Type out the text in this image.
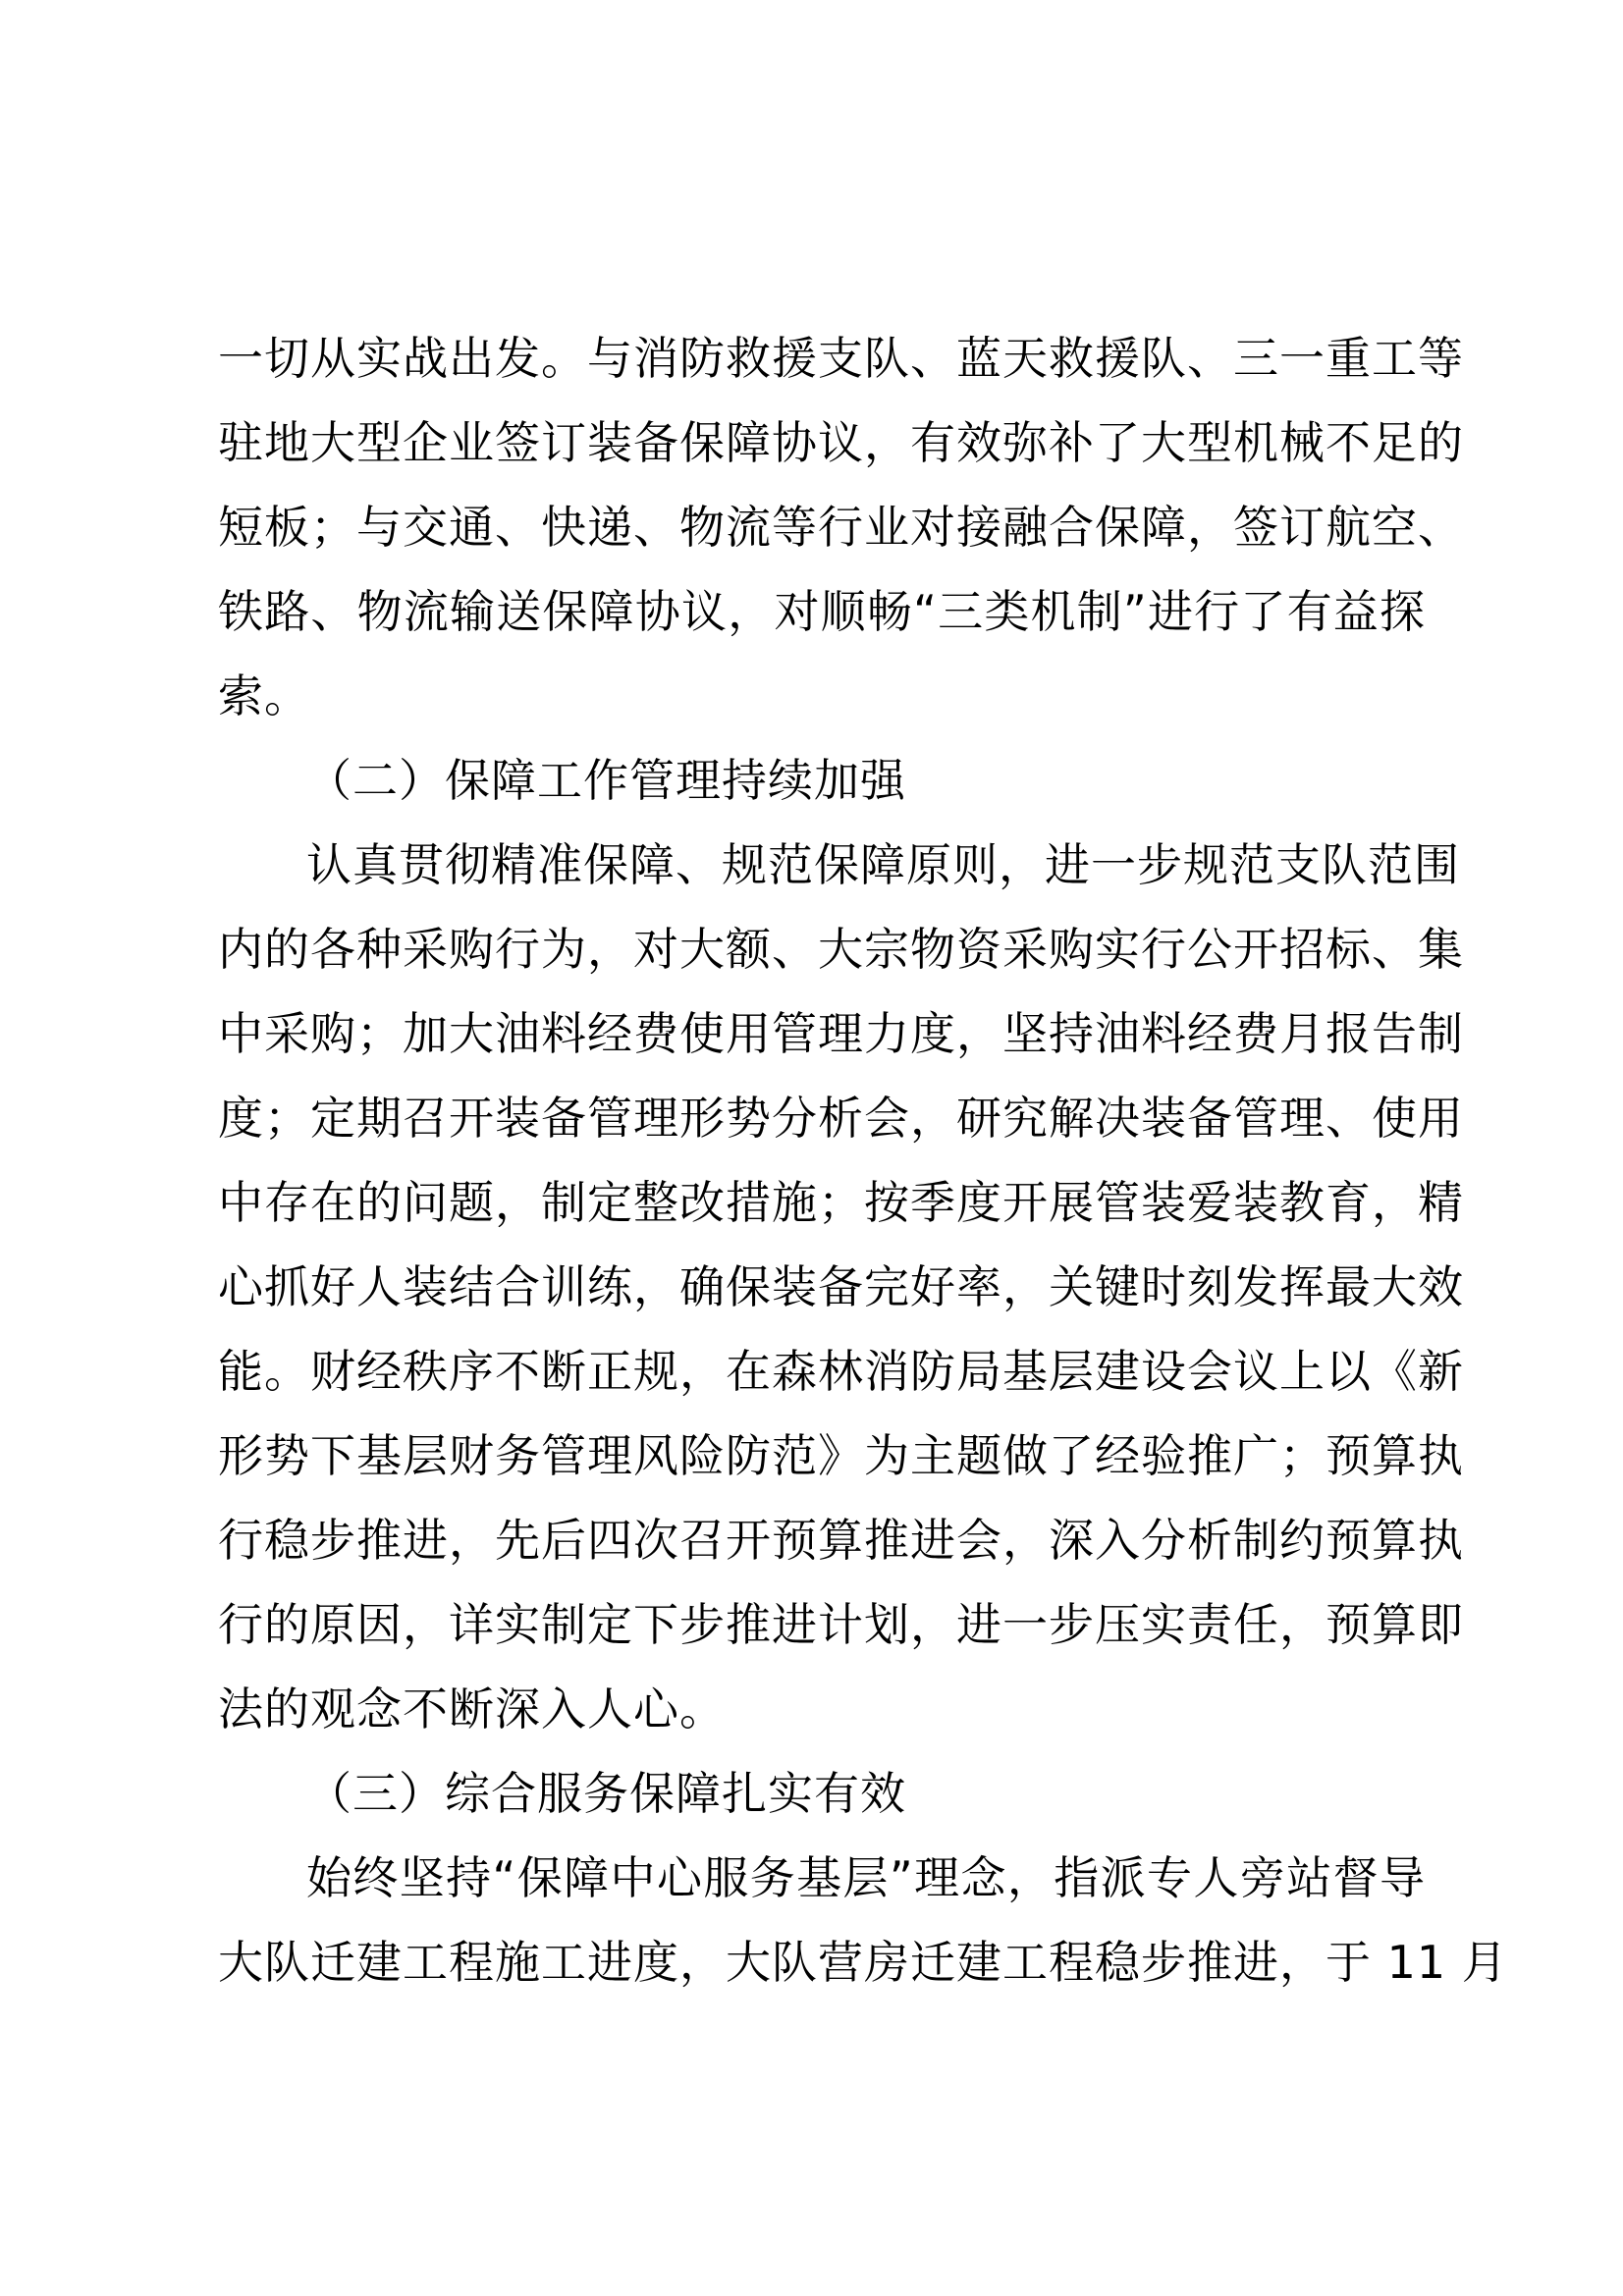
一切从实战出发。与消防救援支队、蓝天救援队、三一重工等
驻地大型企业签订装备保障协议，有效弥补了大型机械不足的
短板；与交通、快递、物流等行业对接融合保障，签订航空、
铁路、物流输送保障协议，对顺畅“三类机制”进行了有益探
索。
（二）保障工作管理持续加强
认真贯彻精准保障、规范保障原则，进一步规范支队范围
内的各种采购行为，对大额、大宗物资采购实行公开招标、集
中采购；加大油料经费使用管理力度，坚持油料经费月报告制
度；定期召开装备管理形势分析会，研究解决装备管理、使用
中存在的问题，制定整改措施；按季度开展管装爱装教育，精
心抓好人装结合训练，确保装备完好率，关键时刻发挥最大效
能。财经秩序不断正规，在森林消防局基层建设会议上以《新
形势下基层财务管理风险防范》为主题做了经验推广；预算执
行稳步推进，先后四次召开预算推进会，深入分析制约预算执
行的原因，详实制定下步推进计划，进一步压实责任，预算即
法的观念不断深入人心。
（三）综合服务保障扎实有效
始终坚持“保障中心服务基层”理念，指派专人旁站督导
大队迁建工程施工进度，大队营房迁建工程稳步推进，于 11 月
